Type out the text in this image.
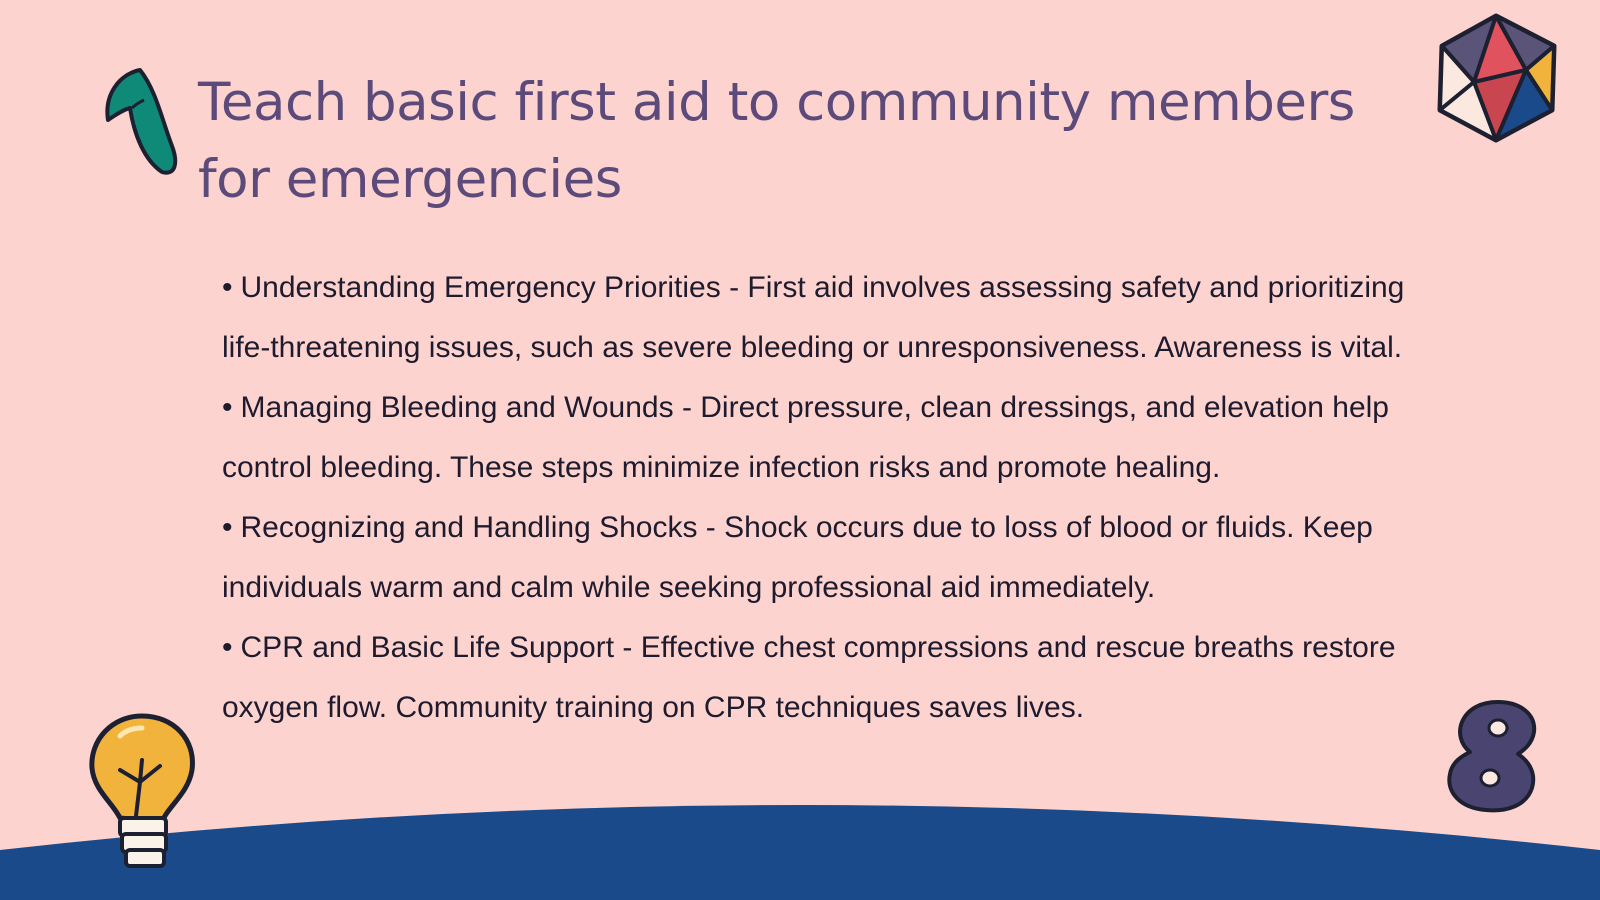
Teach basic first aid to community members
for emergencies
• Understanding Emergency Priorities - First aid involves assessing safety and prioritizing life-threatening issues, such as severe bleeding or unresponsiveness. Awareness is vital.
• Managing Bleeding and Wounds - Direct pressure, clean dressings, and elevation help control bleeding. These steps minimize infection risks and promote healing.
• Recognizing and Handling Shocks - Shock occurs due to loss of blood or fluids. Keep individuals warm and calm while seeking professional aid immediately.
• CPR and Basic Life Support - Effective chest compressions and rescue breaths restore oxygen flow. Community training on CPR techniques saves lives.
